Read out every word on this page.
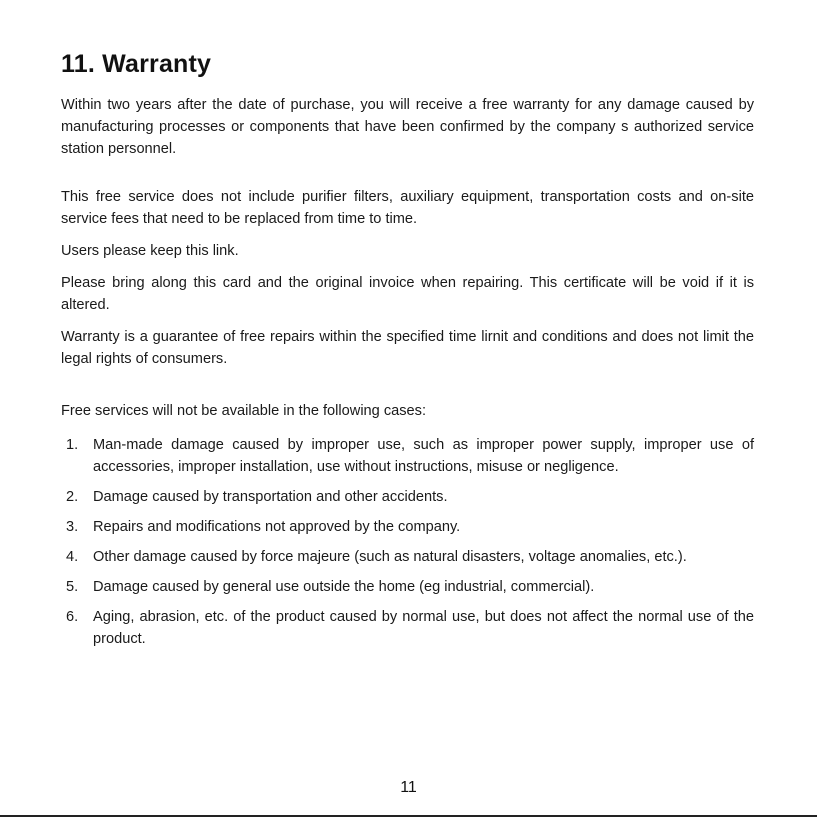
11. Warranty

Within two years after the date of purchase, you will receive a free warranty for any damage caused by manufacturing processes or components that have been confirmed by the company s authorized service station personnel.

This free service does not include purifier filters, auxiliary equipment, transportation costs and on-site service fees that need to be replaced from time to time.

Users please keep this link.

Please bring along this card and the original invoice when repairing. This certificate will be void if it is altered.

Warranty is a guarantee of free repairs within the specified time lirnit and conditions and does not limit the legal rights of consumers.

Free services will not be available in the following cases:

1.	Man-made damage caused by improper use, such as improper power supply, improper use of accessories, improper installation, use without instructions, misuse or negligence.
2.	Damage caused by transportation and other accidents.
3.	Repairs and modifications not approved by the company.
4.	Other damage caused by force majeure (such as natural disasters, voltage anomalies, etc.).
5.	Damage caused by general use outside the home (eg industrial, commercial).
6.	Aging, abrasion, etc. of the product caused by normal use, but does not affect the normal use of the product.
11
